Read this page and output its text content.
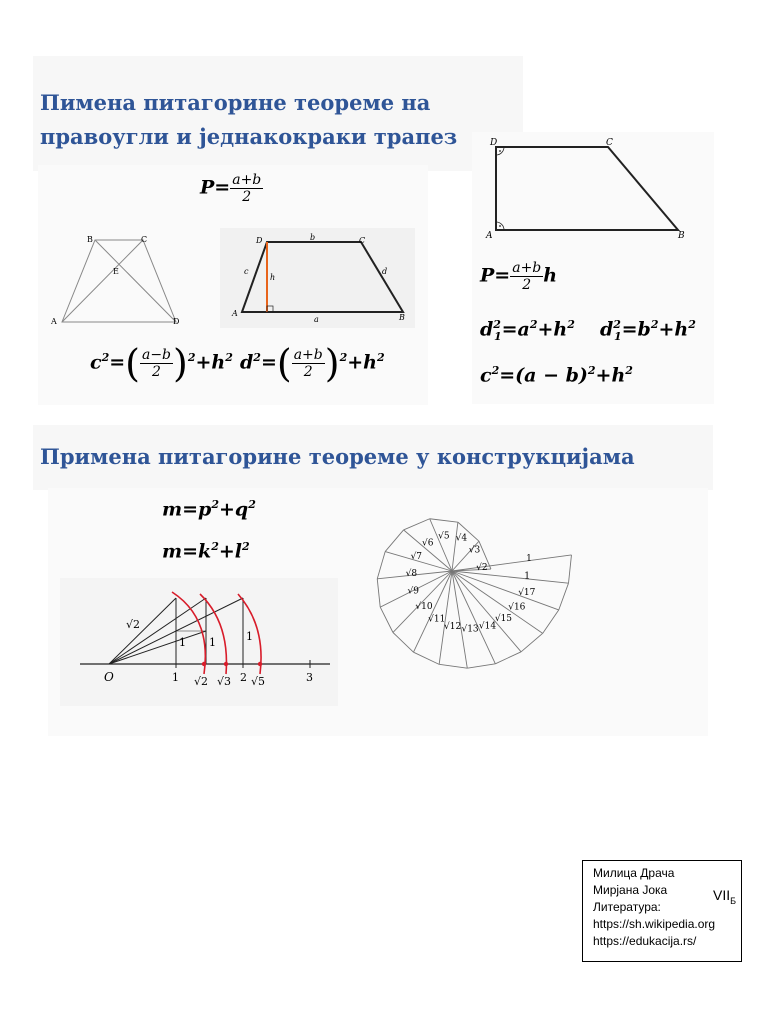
Пимена питагорине теореме на
правоугли и једнакокраки трапез
$P= \frac{a+b}{2}$
B	C
E
A	D
D	C
b
c
h
d
A	B
a
$c^2=( \frac{a-b}{2} )^2+h^2$ $d^2=( \frac{a+b}{2} )^2+h^2$
D	C
A	B
$P= \frac{a+b}{2}$ h
$d^2_1=a^2+h^2$ $d^2_1=b^2+h^2$
$c^2=(a - b)^2+h^2$
Примена питагорине теореме у конструкцијама
$m=p^2+q^2$
$m=k^2+l^2$
√2
1 1	1
O	1 √2 √3 2 √5	3
√2
√3
√4
√5
√6
√7
√8
√9
√10
√11
√12 √13 √14
√15
√16
√17
1
1
Милица Драча
Мирјана Јока
Литература:
https://sh.wikipedia.org
https://edukacija.rs/
$VII_Б$
